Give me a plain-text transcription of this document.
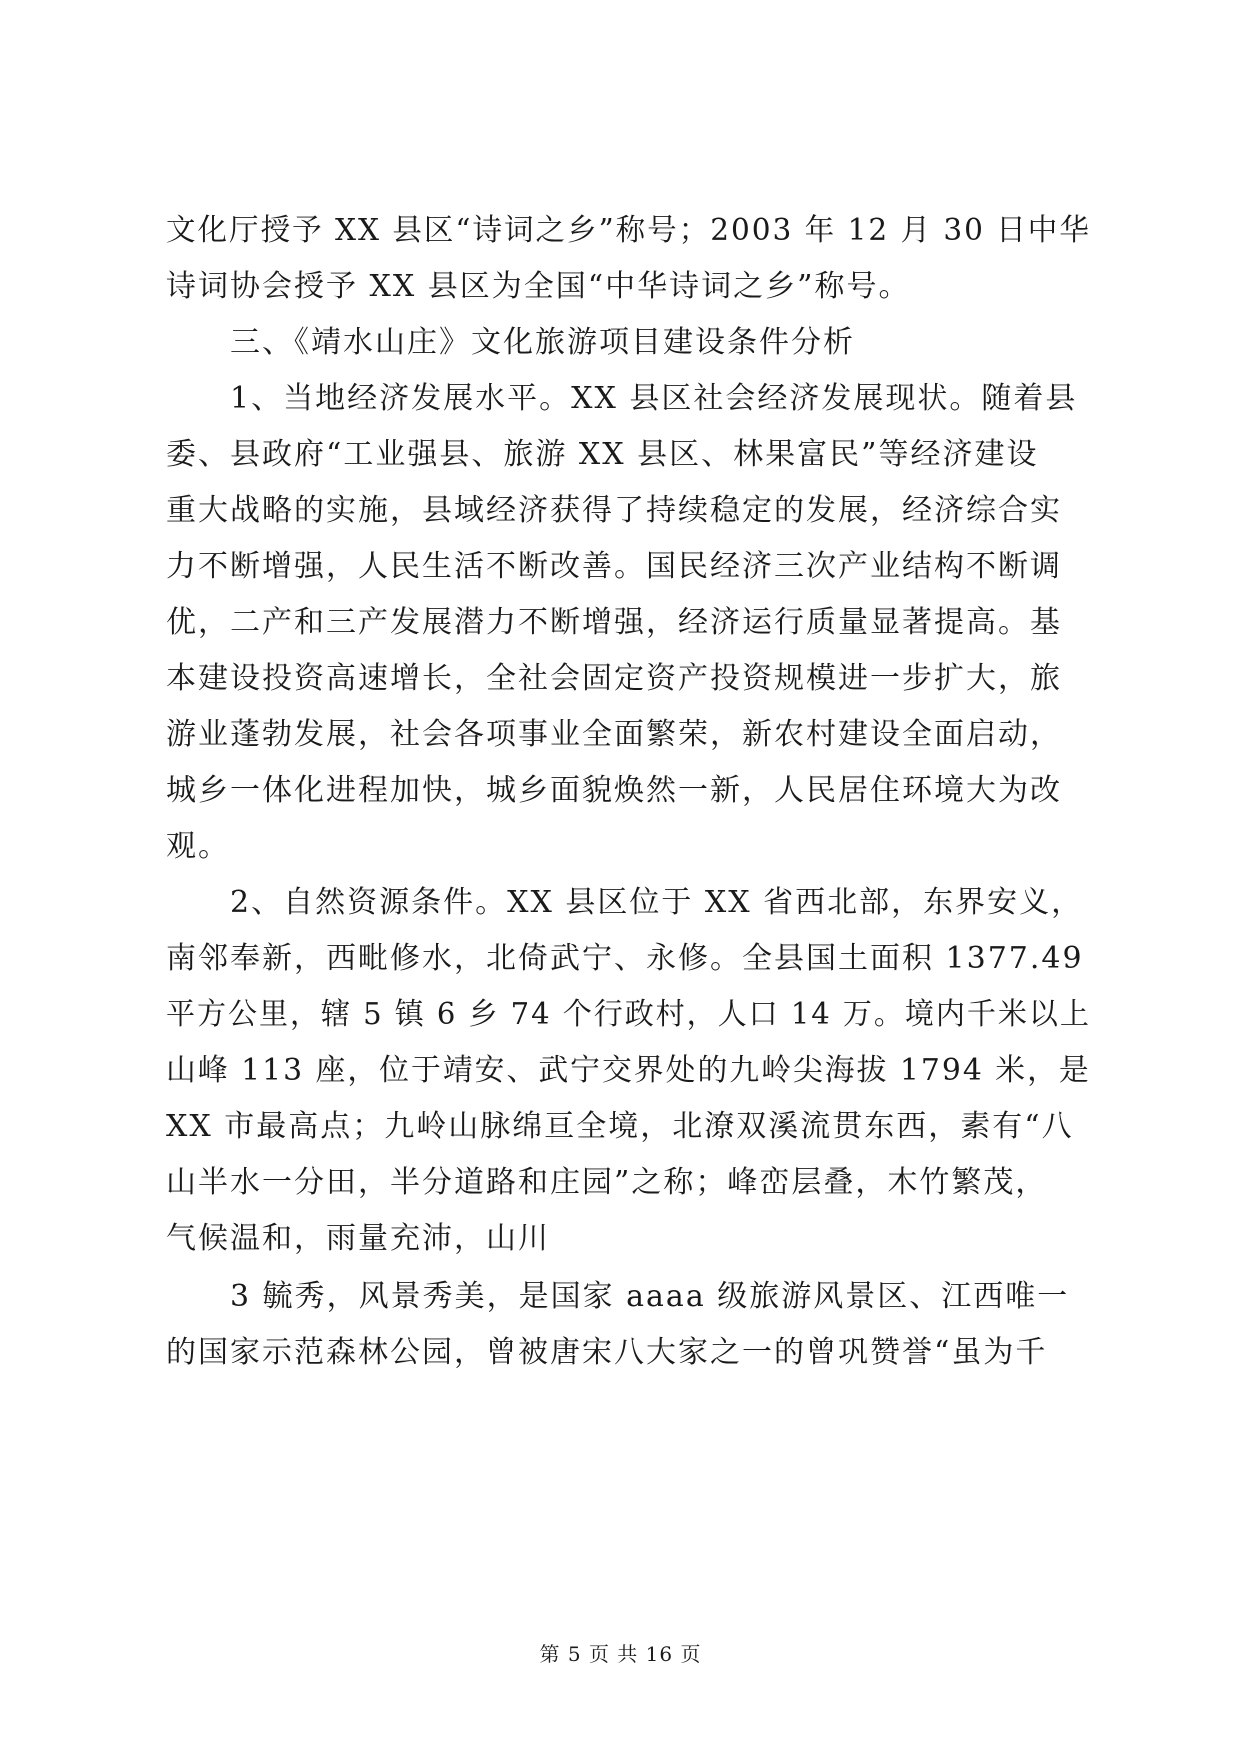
文化厅授予 XX 县区“诗词之乡”称号；2003 年 12 月 30 日中华
诗词协会授予 XX 县区为全国“中华诗词之乡”称号。
三、《靖水山庄》文化旅游项目建设条件分析
1、当地经济发展水平。XX 县区社会经济发展现状。随着县
委、县政府“工业强县、旅游 XX 县区、林果富民”等经济建设
重大战略的实施，县域经济获得了持续稳定的发展，经济综合实
力不断增强，人民生活不断改善。国民经济三次产业结构不断调
优，二产和三产发展潜力不断增强，经济运行质量显著提高。基
本建设投资高速增长，全社会固定资产投资规模进一步扩大，旅
游业蓬勃发展，社会各项事业全面繁荣，新农村建设全面启动，
城乡一体化进程加快，城乡面貌焕然一新，人民居住环境大为改
观。
2、自然资源条件。XX 县区位于 XX 省西北部，东界安义，
南邻奉新，西毗修水，北倚武宁、永修。全县国土面积 1377.49
平方公里，辖 5 镇 6 乡 74 个行政村，人口 14 万。境内千米以上
山峰 113 座，位于靖安、武宁交界处的九岭尖海拔 1794 米，是
XX 市最高点；九岭山脉绵亘全境，北潦双溪流贯东西，素有“八
山半水一分田，半分道路和庄园”之称；峰峦层叠，木竹繁茂，
气候温和，雨量充沛，山川
3 毓秀，风景秀美，是国家 aaaa 级旅游风景区、江西唯一
的国家示范森林公园，曾被唐宋八大家之一的曾巩赞誉“虽为千
第 5 页 共 16 页
